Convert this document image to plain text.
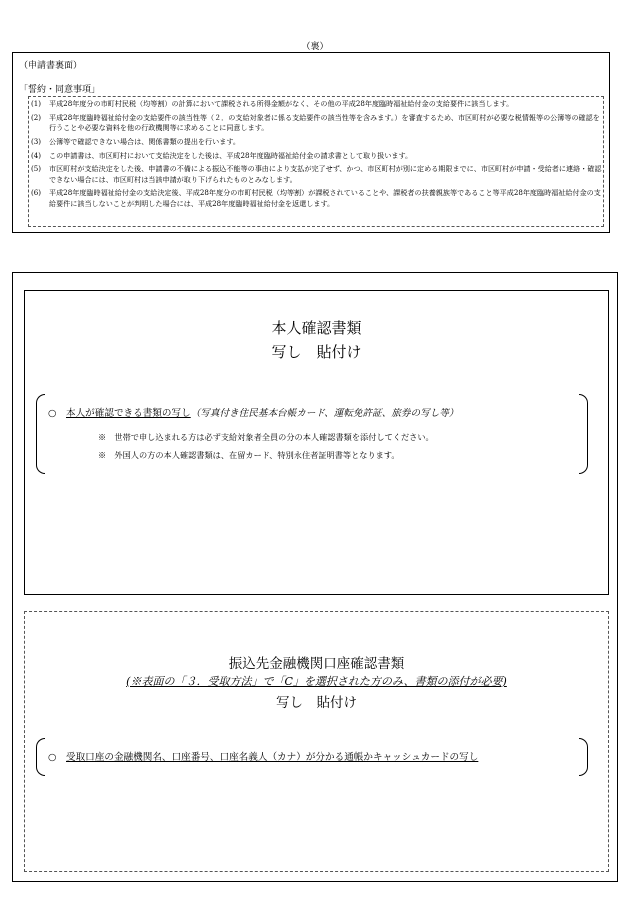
（裏）
（申請書裏面）
「誓約・同意事項」
(1)	平成28年度分の市町村民税（均等割）の計算において課税される所得金額がなく、その他の平成28年度臨時福祉給付金の支給要件に該当します。
(2)	平成28年度臨時福祉給付金の支給要件の該当性等（２．の支給対象者に係る支給要件の該当性等を含みます。）を審査するため、市区町村が必要な税情報等の公簿等の確認を行うことや必要な資料を他の行政機関等に求めることに同意します。
(3)	公簿等で確認できない場合は、関係書類の提出を行います。
(4)	この申請書は、市区町村において支給決定をした後は、平成28年度臨時福祉給付金の請求書として取り扱います。
(5)	市区町村が支給決定をした後、申請書の不備による振込不能等の事由により支払が完了せず、かつ、市区町村が別に定める期限までに、市区町村が申請・受給者に連絡・確認できない場合には、市区町村は当該申請が取り下げられたものとみなします。
(6)	平成28年度臨時福祉給付金の支給決定後、平成28年度分の市町村民税（均等割）が課税されていることや、課税者の扶養親族等であること等平成28年度臨時福祉給付金の支給要件に該当しないことが判明した場合には、平成28年度臨時福祉給付金を返還します。
本人確認書類
写し　貼付け
○ 本人が確認できる書類の写し（写真付き住民基本台帳カード、運転免許証、旅券の写し等）
※　 世帯で申し込まれる方は必ず支給対象者全員の分の本人確認書類を添付してください。
※　 外国人の方の本人確認書類は、在留カード、特別永住者証明書等となります。
振込先金融機関口座確認書類
(※表面の「３．受取方法」で「C」を選択された方のみ、書類の添付が必要)
写し　貼付け
○ 受取口座の金融機関名、口座番号、口座名義人（カナ）が分かる通帳かキャッシュカードの写し
